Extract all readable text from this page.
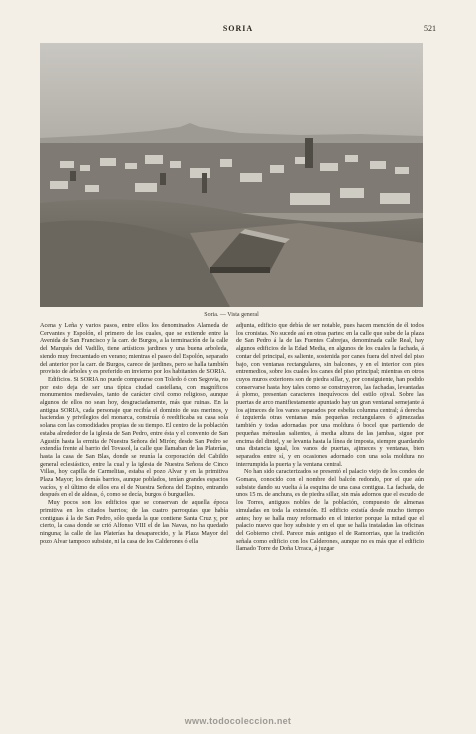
SORIA	521
Soria. — Vista general

Acena y Leña y varios pasos, entre ellos los denominados Alameda de Cervantes y Espolón, el primero de los cuales, que se extiende entre la Avenida de San Francisco y la carr. de Burgos, a la terminación de la calle del Marqués del Vadillo, tiene artísticos jardines y una buena arboleda, siendo muy frecuentado en verano; mientras el paseo del Espolón, separado del anterior por la carr. de Burgos, carece de jardines, pero se halla también provisto de árboles y es preferido en invierno por los habitantes de SORIA.

Edificios. Si SORIA no puede compararse con Toledo ó con Segovia, no por esto deja de ser una típica ciudad castellana, con magníficos monumentos medievales, tanto de carácter civil como religioso, aunque algunos de ellos no sean hoy, desgraciadamente, más que ruinas. En la antigua SORIA, cada personaje que recibía el dominio de sus merinos, y haciendas y privilegios del monarca, construía ó reedificaba su casa sola solana con las comodidades propias de su tiempo. El centro de la población estaba alrededor de la iglesia de San Pedro, entre ésta y el convento de San Agustín hasta la ermita de Nuestra Señora del Mirón; desde San Pedro se extendía frente al barrio del Tovasol, la calle que llamaban de las Platerías, hasta la casa de San Blas, donde se reunía la corporación del Cabildo general eclesiástico, entre la cual y la iglesia de Nuestra Señora de Cinco Villas, hoy capilla de Carmelitas, estaba el pozo Alvar y en la primitiva Plaza Mayor; los demás barrios, aunque poblados, tenían grandes espacios vacíos, y el último de ellos era el de Nuestra Señora del Espino, entrando después en el de aldeas, ó, como se decía, burgos ó burguelles.

Muy pocos son los edificios que se conservan de aquella época primitiva en los citados barrios; de las cuatro parroquias que había contiguas á la de San Pedro, sólo queda la que contiene Santa Cruz y, por cierto, la casa donde se crió Alfonso VIII el de las Navas, no ha quedado ninguna; la calle de las Platerías ha desaparecido, y la Plaza Mayor del pozo Alvar tampoco subsiste, ni la casa de los Calderones ó ella

adjunta, edificio que debía de ser notable, pues hacen mención de él todos los cronistas. No sucede así en otras partes: en la calle que sube de la plaza de San Pedro á la de las Fuentes Cabrejas, denominada calle Real, hay algunos edificios de la Edad Media, en algunos de los cuales la fachada, á contar del principal, es saliente, sostenida por canes fuera del nivel del piso bajo, con ventanas rectangulares, sin balcones, y en el interior con pies entremedios, sobre los cuales los canes del piso principal; mientras en otros cuyos muros exteriores son de piedra sillar, y, por consiguiente, han podido conservarse hasta hoy tales como se construyeron, las fachadas, levantadas á plomo, presentan caracteres inequívocos del estilo ojival. Sobre las puertas de arco manifiestamente apuntado hay un gran ventanal semejante á los ajimeces de los vanos separados por esbelta columna central; á derecha é izquierda otras ventanas más pequeñas rectangulares ó ajimezadas también y todas adornadas por una moldura ó bocel que partiendo de pequeñas ménsulas salientes, á media altura de las jambas, sigue por encima del dintel, y se levanta hasta la línea de imposta, siempre guardando una distancia igual, los vanos de puertas, ajimeces y ventanas, bien separados entre sí, y en ocasiones adornado con una sola moldura no interrumpida la puerta y la ventana central.

No han sido caracterizados se presentó el palacio viejo de los condes de Gomara, conocido con el nombre del balcón redondo, por el que aún subsiste dando su vuelta á la esquina de una casa contigua. La fachada, de unos 15 m. de anchura, es de piedra sillar, sin más adornos que el escudo de los Torres, antiguos nobles de la población, compuesto de almenas simuladas en toda la extensión. El edificio existía desde mucho tiempo antes; hoy se halla muy reformado en el interior porque la mitad que el palacio nuevo que hoy subsiste y en el que se halla instaladas las oficinas del Gobierno civil. Parece más antiguo el de Ramorrias, que la tradición señala como edificio con los Calderones, aunque no es más que el edificio llamado Torre de Doña Urraca, á juzgar

www.todocoleccion.net
